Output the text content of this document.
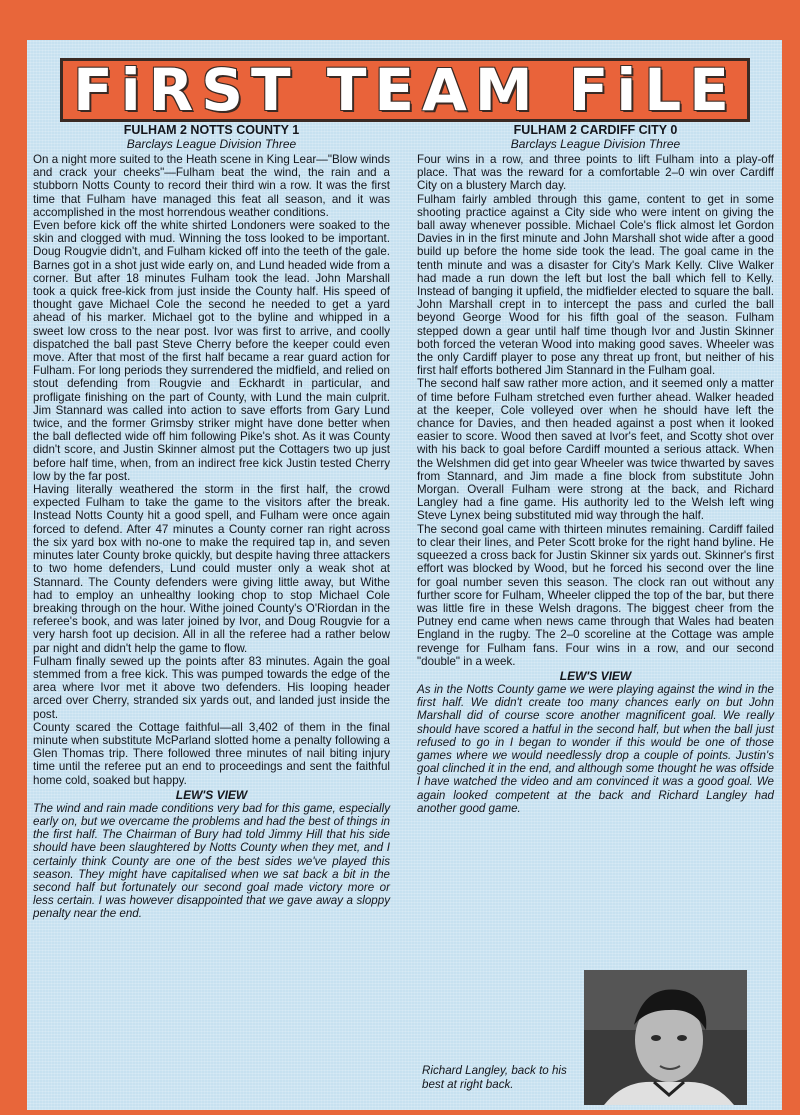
FiRST TEAM FiLE
FULHAM 2 NOTTS COUNTY 1
Barclays League Division Three

On a night more suited to the Heath scene in King Lear—"Blow winds and crack your cheeks"—Fulham beat the wind, the rain and a stubborn Notts County to record their third win a row. It was the first time that Fulham have managed this feat all season, and it was accomplished in the most horrendous weather conditions.

Even before kick off the white shirted Londoners were soaked to the skin and clogged with mud. Winning the toss looked to be important. Doug Rougvie didn't, and Fulham kicked off into the teeth of the gale. Barnes got in a shot just wide early on, and Lund headed wide from a corner. But after 18 minutes Fulham took the lead. John Marshall took a quick free-kick from just inside the County half. His speed of thought gave Michael Cole the second he needed to get a yard ahead of his marker. Michael got to the byline and whipped in a sweet low cross to the near post. Ivor was first to arrive, and coolly dispatched the ball past Steve Cherry before the keeper could even move. After that most of the first half became a rear guard action for Fulham. For long periods they surrendered the midfield, and relied on stout defending from Rougvie and Eckhardt in particular, and profligate finishing on the part of County, with Lund the main culprit. Jim Stannard was called into action to save efforts from Gary Lund twice, and the former Grimsby striker might have done better when the ball deflected wide off him following Pike's shot. As it was County didn't score, and Justin Skinner almost put the Cottagers two up just before half time, when, from an indirect free kick Justin tested Cherry low by the far post.

Having literally weathered the storm in the first half, the crowd expected Fulham to take the game to the visitors after the break. Instead Notts County hit a good spell, and Fulham were once again forced to defend. After 47 minutes a County corner ran right across the six yard box with no-one to make the required tap in, and seven minutes later County broke quickly, but despite having three attackers to two home defenders, Lund could muster only a weak shot at Stannard. The County defenders were giving little away, but Withe had to employ an unhealthy looking chop to stop Michael Cole breaking through on the hour. Withe joined County's O'Riordan in the referee's book, and was later joined by Ivor, and Doug Rougvie for a very harsh foot up decision. All in all the referee had a rather below par night and didn't help the game to flow.

Fulham finally sewed up the points after 83 minutes. Again the goal stemmed from a free kick. This was pumped towards the edge of the area where Ivor met it above two defenders. His looping header arced over Cherry, stranded six yards out, and landed just inside the post.

County scared the Cottage faithful—all 3,402 of them in the final minute when substitute McParland slotted home a penalty following a Glen Thomas trip. There followed three minutes of nail biting injury time until the referee put an end to proceedings and sent the faithful home cold, soaked but happy.

LEW'S VIEW

The wind and rain made conditions very bad for this game, especially early on, but we overcame the problems and had the best of things in the first half. The Chairman of Bury had told Jimmy Hill that his side should have been slaughtered by Notts County when they met, and I certainly think County are one of the best sides we've played this season. They might have capitalised when we sat back a bit in the second half but fortunately our second goal made victory more or less certain. I was however disappointed that we gave away a sloppy penalty near the end.

FULHAM 2 CARDIFF CITY 0
Barclays League Division Three

Four wins in a row, and three points to lift Fulham into a play-off place. That was the reward for a comfortable 2–0 win over Cardiff City on a blustery March day.

Fulham fairly ambled through this game, content to get in some shooting practice against a City side who were intent on giving the ball away whenever possible. Michael Cole's flick almost let Gordon Davies in in the first minute and John Marshall shot wide after a good build up before the home side took the lead. The goal came in the tenth minute and was a disaster for City's Mark Kelly. Clive Walker had made a run down the left but lost the ball which fell to Kelly. Instead of banging it upfield, the midfielder elected to square the ball. John Marshall crept in to intercept the pass and curled the ball beyond George Wood for his fifth goal of the season. Fulham stepped down a gear until half time though Ivor and Justin Skinner both forced the veteran Wood into making good saves. Wheeler was the only Cardiff player to pose any threat up front, but neither of his first half efforts bothered Jim Stannard in the Fulham goal.

The second half saw rather more action, and it seemed only a matter of time before Fulham stretched even further ahead. Walker headed at the keeper, Cole volleyed over when he should have left the chance for Davies, and then headed against a post when it looked easier to score. Wood then saved at Ivor's feet, and Scotty shot over with his back to goal before Cardiff mounted a serious attack. When the Welshmen did get into gear Wheeler was twice thwarted by saves from Stannard, and Jim made a fine block from substitute John Morgan. Overall Fulham were strong at the back, and Richard Langley had a fine game. His authority led to the Welsh left wing Steve Lynex being substituted mid way through the half.

The second goal came with thirteen minutes remaining. Cardiff failed to clear their lines, and Peter Scott broke for the right hand byline. He squeezed a cross back for Justin Skinner six yards out. Skinner's first effort was blocked by Wood, but he forced his second over the line for goal number seven this season. The clock ran out without any further score for Fulham, Wheeler clipped the top of the bar, but there was little fire in these Welsh dragons. The biggest cheer from the Putney end came when news came through that Wales had beaten England in the rugby. The 2–0 scoreline at the Cottage was ample revenge for Fulham fans. Four wins in a row, and our second "double" in a week.

LEW'S VIEW

As in the Notts County game we were playing against the wind in the first half. We didn't create too many chances early on but John Marshall did of course score another magnificent goal. We really should have scored a hatful in the second half, but when the ball just refused to go in I began to wonder if this would be one of those games where we would needlessly drop a couple of points. Justin's goal clinched it in the end, and although some thought he was offside I have watched the video and am convinced it was a good goal. We again looked competent at the back and Richard Langley had another good game.

Richard Langley, back to his best at right back.
